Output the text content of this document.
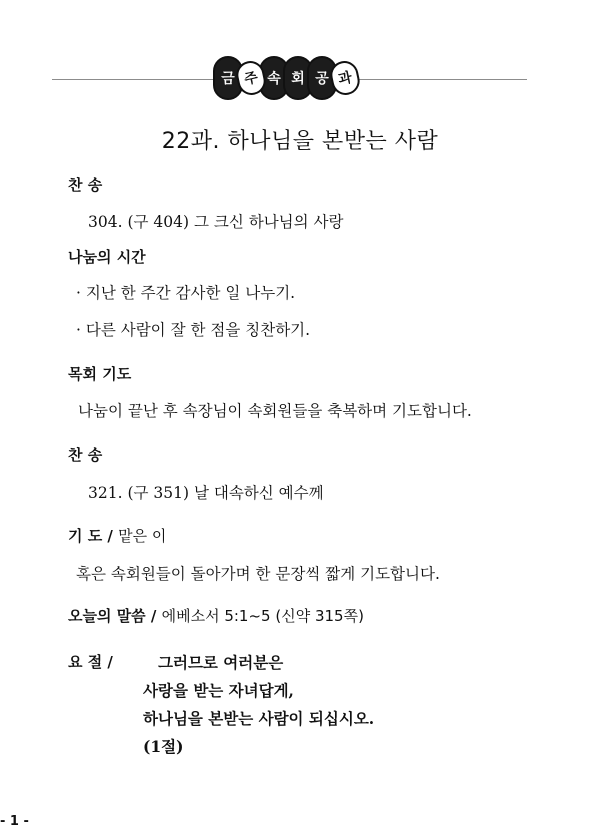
금 주 속 회 공 과
22과. 하나님을 본받는 사람
찬 송
304. (구 404) 그 크신 하나님의 사랑
나눔의 시간
· 지난 한 주간 감사한 일 나누기.
· 다른 사람이 잘 한 점을 칭찬하기.
목회 기도
나눔이 끝난 후 속장님이 속회원들을 축복하며 기도합니다.
찬 송
321. (구 351) 날 대속하신 예수께
기 도 / 맡은 이
혹은 속회원들이 돌아가며 한 문장씩 짧게 기도합니다.
오늘의 말씀 / 에베소서 5:1~5 (신약 315쪽)
요 절 /	그러므로 여러분은
사랑을 받는 자녀답게,
하나님을 본받는 사람이 되십시오.
(1절)
- 1 -
